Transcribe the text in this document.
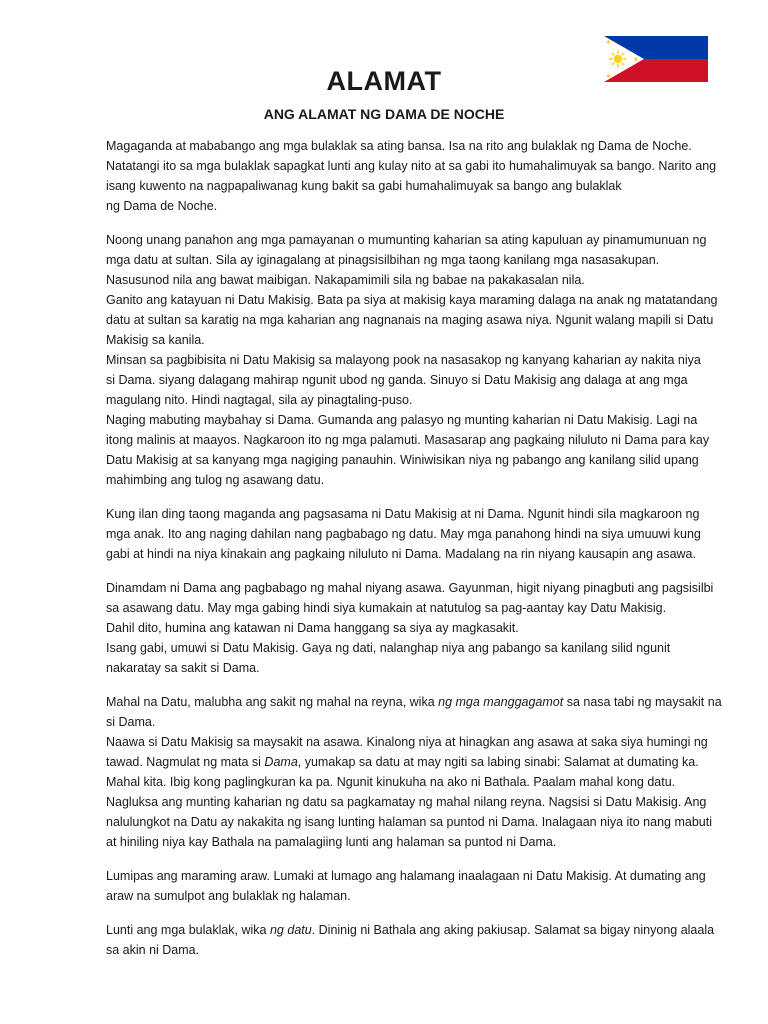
ALAMAT
ANG ALAMAT NG DAMA DE NOCHE
Magaganda at mababango ang mga bulaklak sa ating bansa. Isa na rito ang bulaklak ng Dama de Noche.
Natatangi ito sa mga bulaklak sapagkat lunti ang kulay nito at sa gabi ito humahalimuyak sa bango. Narito ang
isang kuwento na nagpapaliwanag kung bakit sa gabi humahalimuyak sa bango ang bulaklak
ng Dama de Noche.
Noong unang panahon ang mga pamayanan o mumunting kaharian sa ating kapuluan ay pinamumunuan ng
mga datu at sultan. Sila ay iginagalang at pinagsisilbihan ng mga taong kanilang mga nasasakupan.
Nasusunod nila ang bawat maibigan. Nakapamimili sila ng babae na pakakasalan nila.
Ganito ang katayuan ni Datu Makisig. Bata pa siya at makisig kaya maraming dalaga na anak ng matatandang
datu at sultan sa karatig na mga kaharian ang nagnanais na maging asawa niya. Ngunit walang mapili si Datu
Makisig sa kanila.
Minsan sa pagbibisita ni Datu Makisig sa malayong pook na nasasakop ng kanyang kaharian ay nakita niya
si Dama. siyang dalagang mahirap ngunit ubod ng ganda. Sinuyo si Datu Makisig ang dalaga at ang mga
magulang nito. Hindi nagtagal, sila ay pinagtaling-puso.
Naging mabuting maybahay si Dama. Gumanda ang palasyo ng munting kaharian ni Datu Makisig. Lagi na
itong malinis at maayos. Nagkaroon ito ng mga palamuti. Masasarap ang pagkaing niluluto ni Dama para kay
Datu Makisig at sa kanyang mga nagiging panauhin. Winiwisikan niya ng pabango ang kanilang silid upang
mahimbing ang tulog ng asawang datu.
Kung ilan ding taong maganda ang pagsasama ni Datu Makisig at ni Dama. Ngunit hindi sila magkaroon ng
mga anak. Ito ang naging dahilan nang pagbabago ng datu. May mga panahong hindi na siya umuuwi kung
gabi at hindi na niya kinakain ang pagkaing niluluto ni Dama. Madalang na rin niyang kausapin ang asawa.
Dinamdam ni Dama ang pagbabago ng mahal niyang asawa. Gayunman, higit niyang pinagbuti ang pagsisilbi
sa asawang datu. May mga gabing hindi siya kumakain at natutulog sa pag-aantay kay Datu Makisig.
Dahil dito, humina ang katawan ni Dama hanggang sa siya ay magkasakit.
Isang gabi, umuwi si Datu Makisig. Gaya ng dati, nalanghap niya ang pabango sa kanilang silid ngunit
nakaratay sa sakit si Dama.
Mahal na Datu, malubha ang sakit ng mahal na reyna, wika ng mga manggagamot sa nasa tabi ng maysakit na
si Dama.
Naawa si Datu Makisig sa maysakit na asawa. Kinalong niya at hinagkan ang asawa at saka siya humingi ng
tawad. Nagmulat ng mata si Dama, yumakap sa datu at may ngiti sa labing sinabi: Salamat at dumating ka.
Mahal kita. Ibig kong paglingkuran ka pa. Ngunit kinukuha na ako ni Bathala. Paalam mahal kong datu.
Nagluksa ang munting kaharian ng datu sa pagkamatay ng mahal nilang reyna. Nagsisi si Datu Makisig. Ang
nalulungkot na Datu ay nakakita ng isang lunting halaman sa puntod ni Dama. Inalagaan niya ito nang mabuti
at hiniling niya kay Bathala na pamalagiing lunti ang halaman sa puntod ni Dama.
Lumipas ang maraming araw. Lumaki at lumago ang halamang inaalagaan ni Datu Makisig. At dumating ang
araw na sumulpot ang bulaklak ng halaman.
Lunti ang mga bulaklak, wika ng datu. Dininig ni Bathala ang aking pakiusap. Salamat sa bigay ninyong alaala
sa akin ni Dama.
